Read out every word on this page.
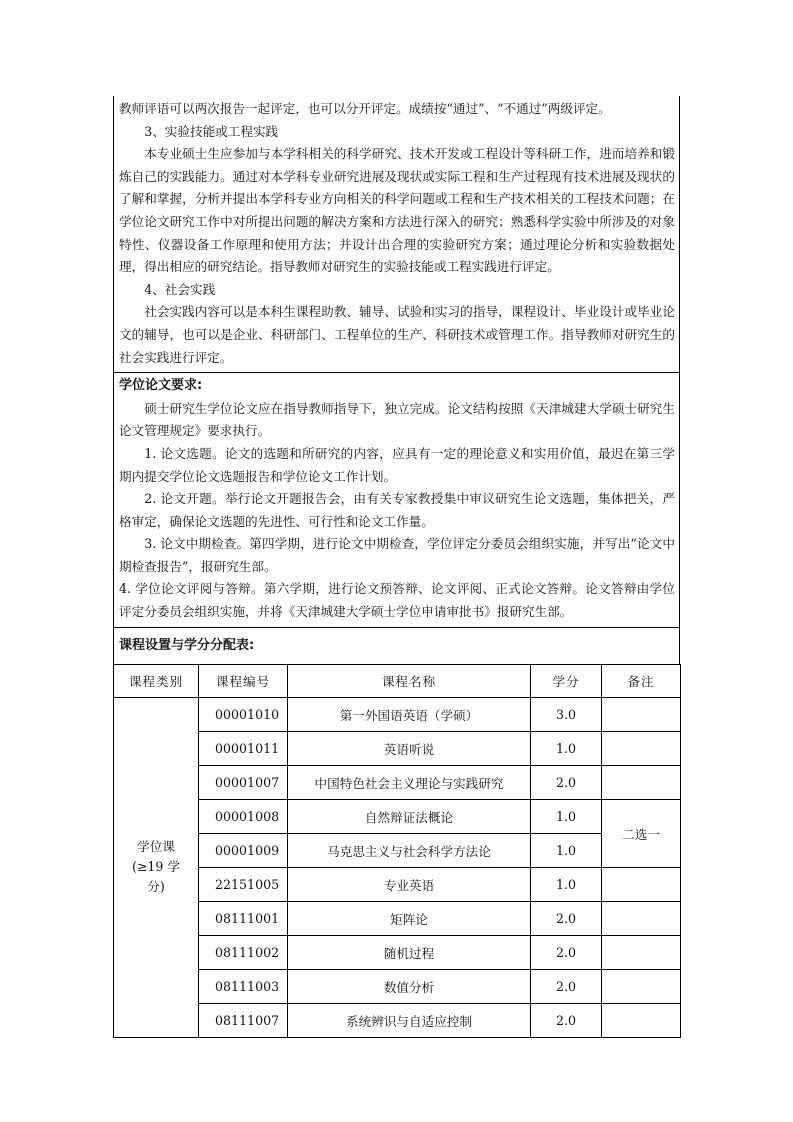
教师评语可以两次报告一起评定，也可以分开评定。成绩按“通过”、“不通过”两级评定。

3、实验技能或工程实践

本专业硕士生应参加与本学科相关的科学研究、技术开发或工程设计等科研工作，进而培养和锻炼自己的实践能力。通过对本学科专业研究进展及现状或实际工程和生产过程现有技术进展及现状的了解和掌握，分析并提出本学科专业方向相关的科学问题或工程和生产技术相关的工程技术问题；在学位论文研究工作中对所提出问题的解决方案和方法进行深入的研究；熟悉科学实验中所涉及的对象特性、仪器设备工作原理和使用方法；并设计出合理的实验研究方案；通过理论分析和实验数据处理，得出相应的研究结论。指导教师对研究生的实验技能或工程实践进行评定。

4、社会实践

社会实践内容可以是本科生课程助教、辅导、试验和实习的指导，课程设计、毕业设计或毕业论文的辅导，也可以是企业、科研部门、工程单位的生产、科研技术或管理工作。指导教师对研究生的社会实践进行评定。

学位论文要求:

硕士研究生学位论文应在指导教师指导下，独立完成。论文结构按照《天津城建大学硕士研究生论文管理规定》要求执行。

1. 论文选题。论文的选题和所研究的内容，应具有一定的理论意义和实用价值，最迟在第三学期内提交学位论文选题报告和学位论文工作计划。

2. 论文开题。举行论文开题报告会，由有关专家教授集中审议研究生论文选题，集体把关，严格审定，确保论文选题的先进性、可行性和论文工作量。

3. 论文中期检查。第四学期，进行论文中期检查，学位评定分委员会组织实施，并写出“论文中期检查报告”，报研究生部。

4. 学位论文评阅与答辩。第六学期，进行论文预答辩、论文评阅、正式论文答辩。论文答辩由学位评定分委员会组织实施，并将《天津城建大学硕士学位申请审批书》报研究生部。

课程设置与学分分配表:
课程类别	课程编号	课程名称	学分	备注

学位课
(≥19 学
分)	00001010	第一外国语英语（学硕）	3.0	
	00001011	英语听说	1.0	
	00001007	中国特色社会主义理论与实践研究	2.0	
	00001008	自然辩证法概论	1.0	二选一
	00001009	马克思主义与社会科学方法论	1.0	
	22151005	专业英语	1.0	
	08111001	矩阵论	2.0	
	08111002	随机过程	2.0	
	08111003	数值分析	2.0	
	08111007	系统辨识与自适应控制	2.0	
